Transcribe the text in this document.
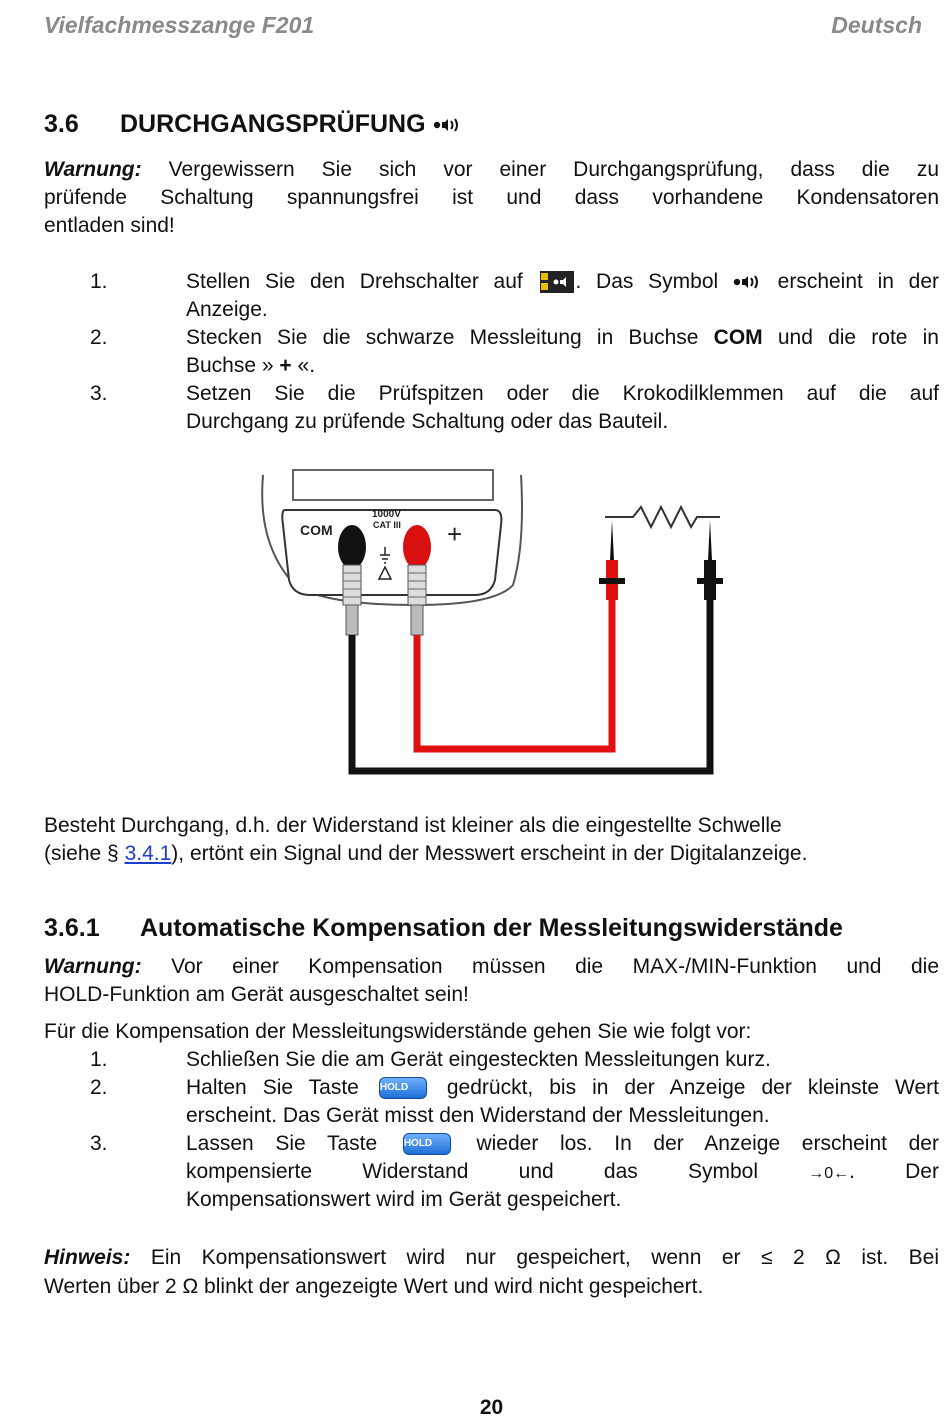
Vielfachmesszange F201	Deutsch
3.6 DURCHGANGSPRÜFUNG
Warnung: Vergewissern Sie sich vor einer Durchgangsprüfung, dass die zu
prüfende Schaltung spannungsfrei ist und dass vorhandene Kondensatoren
entladen sind!
1.	Stellen Sie den Drehschalter auf	. Das Symbol	erscheint in der
Anzeige.
2.	Stecken Sie die schwarze Messleitung in Buchse COM und die rote in
Buchse » + «.
3.	Setzen Sie die Prüfspitzen oder die Krokodilklemmen auf die auf
Durchgang zu prüfende Schaltung oder das Bauteil.
COM	+
1000V
CAT III
Besteht Durchgang, d.h. der Widerstand ist kleiner als die eingestellte Schwelle
(siehe § 3.4.1), ertönt ein Signal und der Messwert erscheint in der Digitalanzeige.
3.6.1 Automatische Kompensation der Messleitungswiderstände
Warnung: Vor einer Kompensation müssen die MAX-/MIN-Funktion und die
HOLD-Funktion am Gerät ausgeschaltet sein!
Für die Kompensation der Messleitungswiderstände gehen Sie wie folgt vor:
1.	Schließen Sie die am Gerät eingesteckten Messleitungen kurz.
2.	Halten Sie Taste HOLD gedrückt, bis in der Anzeige der kleinste Wert
erscheint. Das Gerät misst den Widerstand der Messleitungen.
3.	Lassen Sie Taste	HOLD wieder los. In der Anzeige erscheint der
kompensierte Widerstand und das Symbol	→0←. Der
Kompensationswert wird im Gerät gespeichert.
Hinweis: Ein Kompensationswert wird nur gespeichert, wenn er ≤ 2 Ω ist. Bei
Werten über 2 Ω blinkt der angezeigte Wert und wird nicht gespeichert.
20
